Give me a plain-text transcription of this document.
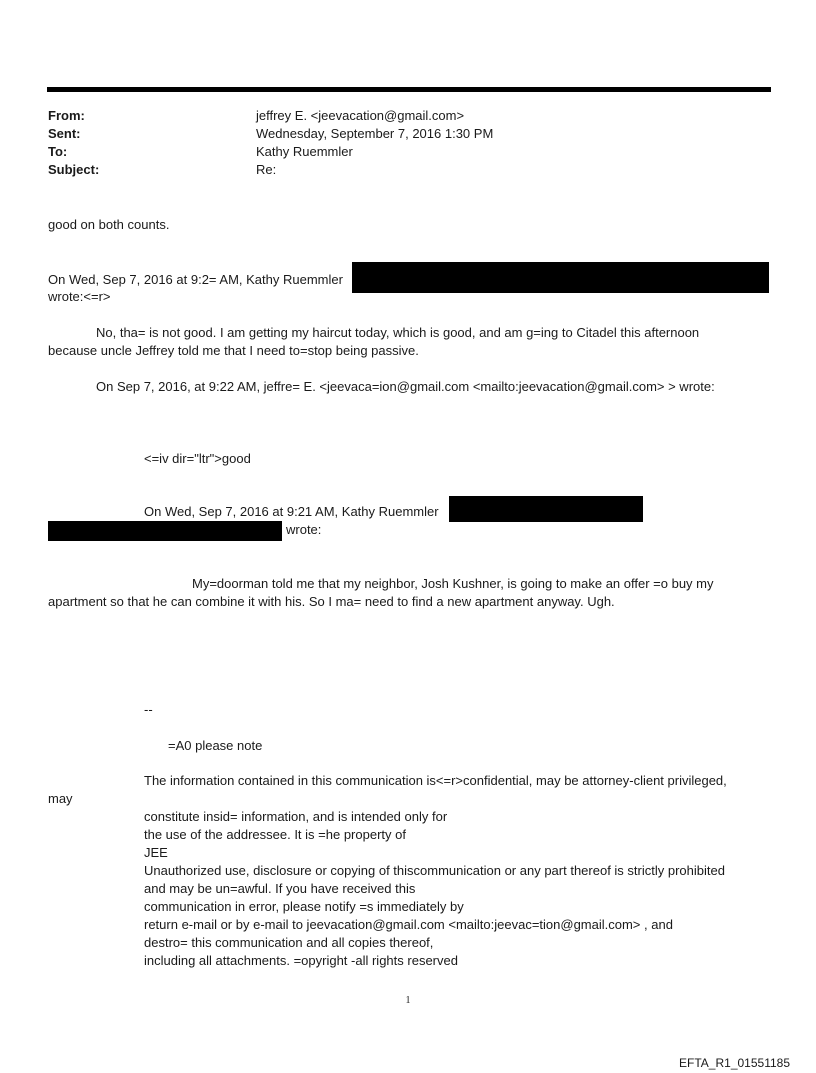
From:	jeffrey E. <jeevacation@gmail.com>
Sent:	Wednesday, September 7, 2016 1:30 PM
To:	Kathy Ruemmler
Subject:	Re:
good on both counts.
On Wed, Sep 7, 2016 at 9:2= AM, Kathy Ruemmler
wrote:<=r>
No, tha= is not good. I am getting my haircut today, which is good, and am g=ing to Citadel this afternoon
because uncle Jeffrey told me that I need to=stop being passive.
On Sep 7, 2016, at 9:22 AM, jeffre= E. <jeevaca=ion@gmail.com <mailto:jeevacation@gmail.com> > wrote:
<=iv dir="ltr">good
On Wed, Sep 7, 2016 at 9:21 AM, Kathy Ruemmler
wrote:
My=doorman told me that my neighbor, Josh Kushner, is going to make an offer =o buy my
apartment so that he can combine it with his. So I ma= need to find a new apartment anyway. Ugh.
--
=A0 please note
The information contained in this communication is<=r>confidential, may be attorney-client privileged,
may
constitute insid= information, and is intended only for
the use of the addressee. It is =he property of
JEE
Unauthorized use, disclosure or copying of thiscommunication or any part thereof is strictly prohibited
and may be un=awful. If you have received this
communication in error, please notify =s immediately by
return e-mail or by e-mail to jeevacation@gmail.com <mailto:jeevac=tion@gmail.com> , and
destro= this communication and all copies thereof,
including all attachments. =opyright -all rights reserved
1
EFTA_R1_01551185
